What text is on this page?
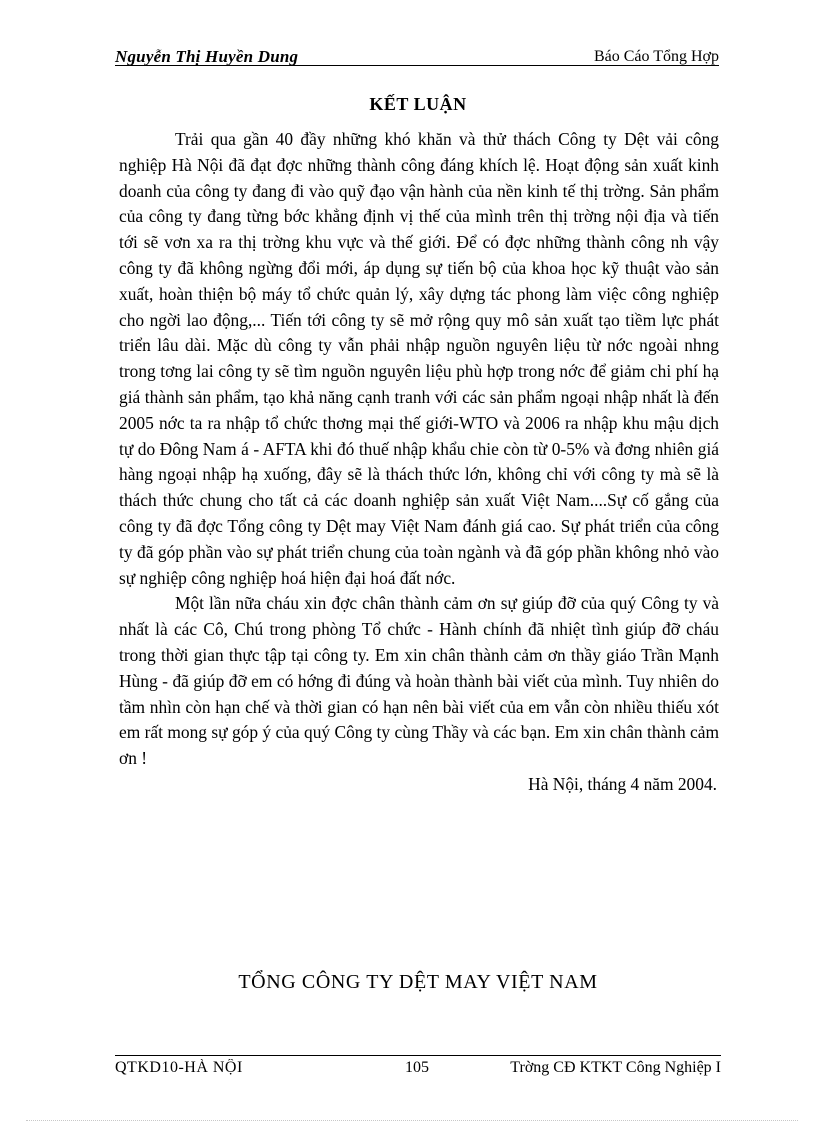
Nguyễn Thị Huyền Dung	Báo Cáo Tổng Hợp
KẾT LUẬN

Trải qua gần 40 đầy những khó khăn và thử thách Công ty Dệt vải công nghiệp Hà Nội đã đạt đợc những thành công đáng khích lệ. Hoạt động sản xuất kinh doanh của công ty đang đi vào quỹ đạo vận hành của nền kinh tế thị trờng. Sản phẩm của công ty đang từng bớc khẳng định vị thế của mình trên thị trờng nội địa và tiến tới sẽ vơn xa ra thị trờng khu vực và thế giới. Để có đợc những thành công nh vậy công ty đã không ngừng đổi mới, áp dụng sự tiến bộ của khoa học kỹ thuật vào sản xuất, hoàn thiện bộ máy tổ chức quản lý, xây dựng tác phong làm việc công nghiệp cho ngời lao động,... Tiến tới công ty sẽ mở rộng quy mô sản xuất tạo tiềm lực phát triển lâu dài. Mặc dù công ty vẫn phải nhập nguồn nguyên liệu từ nớc ngoài nhng trong tơng lai công ty sẽ tìm nguồn nguyên liệu phù hợp trong nớc để giảm chi phí hạ giá thành sản phẩm, tạo khả năng cạnh tranh với các sản phẩm ngoại nhập nhất là đến 2005 nớc ta ra nhập tổ chức thơng mại thế giới-WTO và 2006 ra nhập khu mậu dịch tự do Đông Nam á - AFTA khi đó thuế nhập khẩu chie còn từ 0-5% và đơng nhiên giá hàng ngoại nhập hạ xuống, đây sẽ là thách thức lớn, không chỉ với công ty mà sẽ là thách thức chung cho tất cả các doanh nghiệp sản xuất Việt Nam....Sự cố gắng của công ty đã đợc Tổng công ty Dệt may Việt Nam đánh giá cao. Sự phát triển của công ty đã góp phần vào sự phát triển chung của toàn ngành và đã góp phần không nhỏ vào sự nghiệp công nghiệp hoá hiện đại hoá đất nớc.

Một lần nữa cháu xin đợc chân thành cảm ơn sự giúp đỡ của quý Công ty và nhất là các Cô, Chú trong phòng Tổ chức - Hành chính đã nhiệt tình giúp đỡ cháu trong thời gian thực tập tại công ty. Em xin chân thành cảm ơn thầy giáo Trần Mạnh Hùng - đã giúp đỡ em có hớng đi đúng và hoàn thành bài viết của mình. Tuy nhiên do tầm nhìn còn hạn chế và thời gian có hạn nên bài viết của em vẫn còn nhiều thiếu xót em rất mong sự góp ý của quý Công ty cùng Thầy và các bạn. Em xin chân thành cảm ơn !

Hà Nội, tháng 4 năm 2004.

TỔNG CÔNG TY DỆT MAY VIỆT NAM
QTKD10-HÀ NỘI	105	Trờng CĐ KTKT Công Nghiệp I
